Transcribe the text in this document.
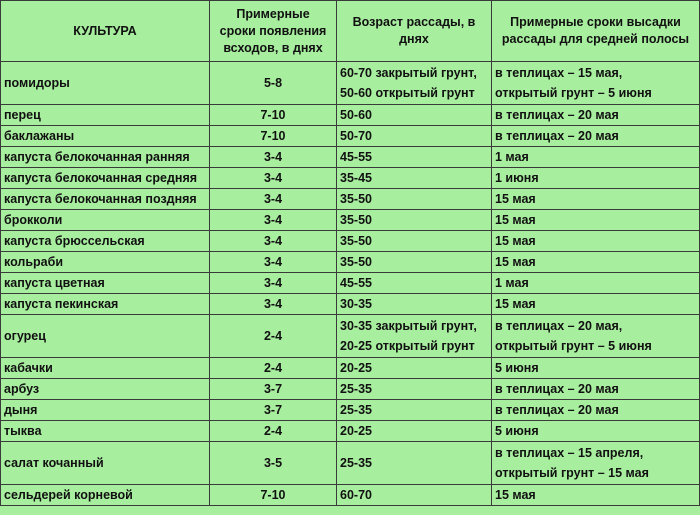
КУЛЬТУРА	Примерные
сроки появления
всходов, в днях	Возраст рассады, в
днях	Примерные сроки высадки
рассады для средней полосы

помидоры	5-8	60-70 закрытый грунт,
50-60 открытый грунт	в теплицах – 15 мая,
открытый грунт – 5 июня

перец	7-10	50-60	в теплицах – 20 мая

баклажаны	7-10	50-70	в теплицах – 20 мая

капуста белокочанная ранняя	3-4	45-55	1 мая

капуста белокочанная средняя	3-4	35-45	1 июня

капуста белокочанная поздняя	3-4	35-50	15 мая

брокколи	3-4	35-50	15 мая

капуста брюссельская	3-4	35-50	15 мая

кольраби	3-4	35-50	15 мая

капуста цветная	3-4	45-55	1 мая

капуста пекинская	3-4	30-35	15 мая

огурец	2-4	30-35 закрытый грунт,
20-25 открытый грунт	в теплицах – 20 мая,
открытый грунт – 5 июня

кабачки	2-4	20-25	5 июня

арбуз	3-7	25-35	в теплицах – 20 мая

дыня	3-7	25-35	в теплицах – 20 мая

тыква	2-4	20-25	5 июня

салат кочанный	3-5	25-35	в теплицах – 15 апреля,
открытый грунт – 15 мая

сельдерей корневой	7-10	60-70	15 мая
